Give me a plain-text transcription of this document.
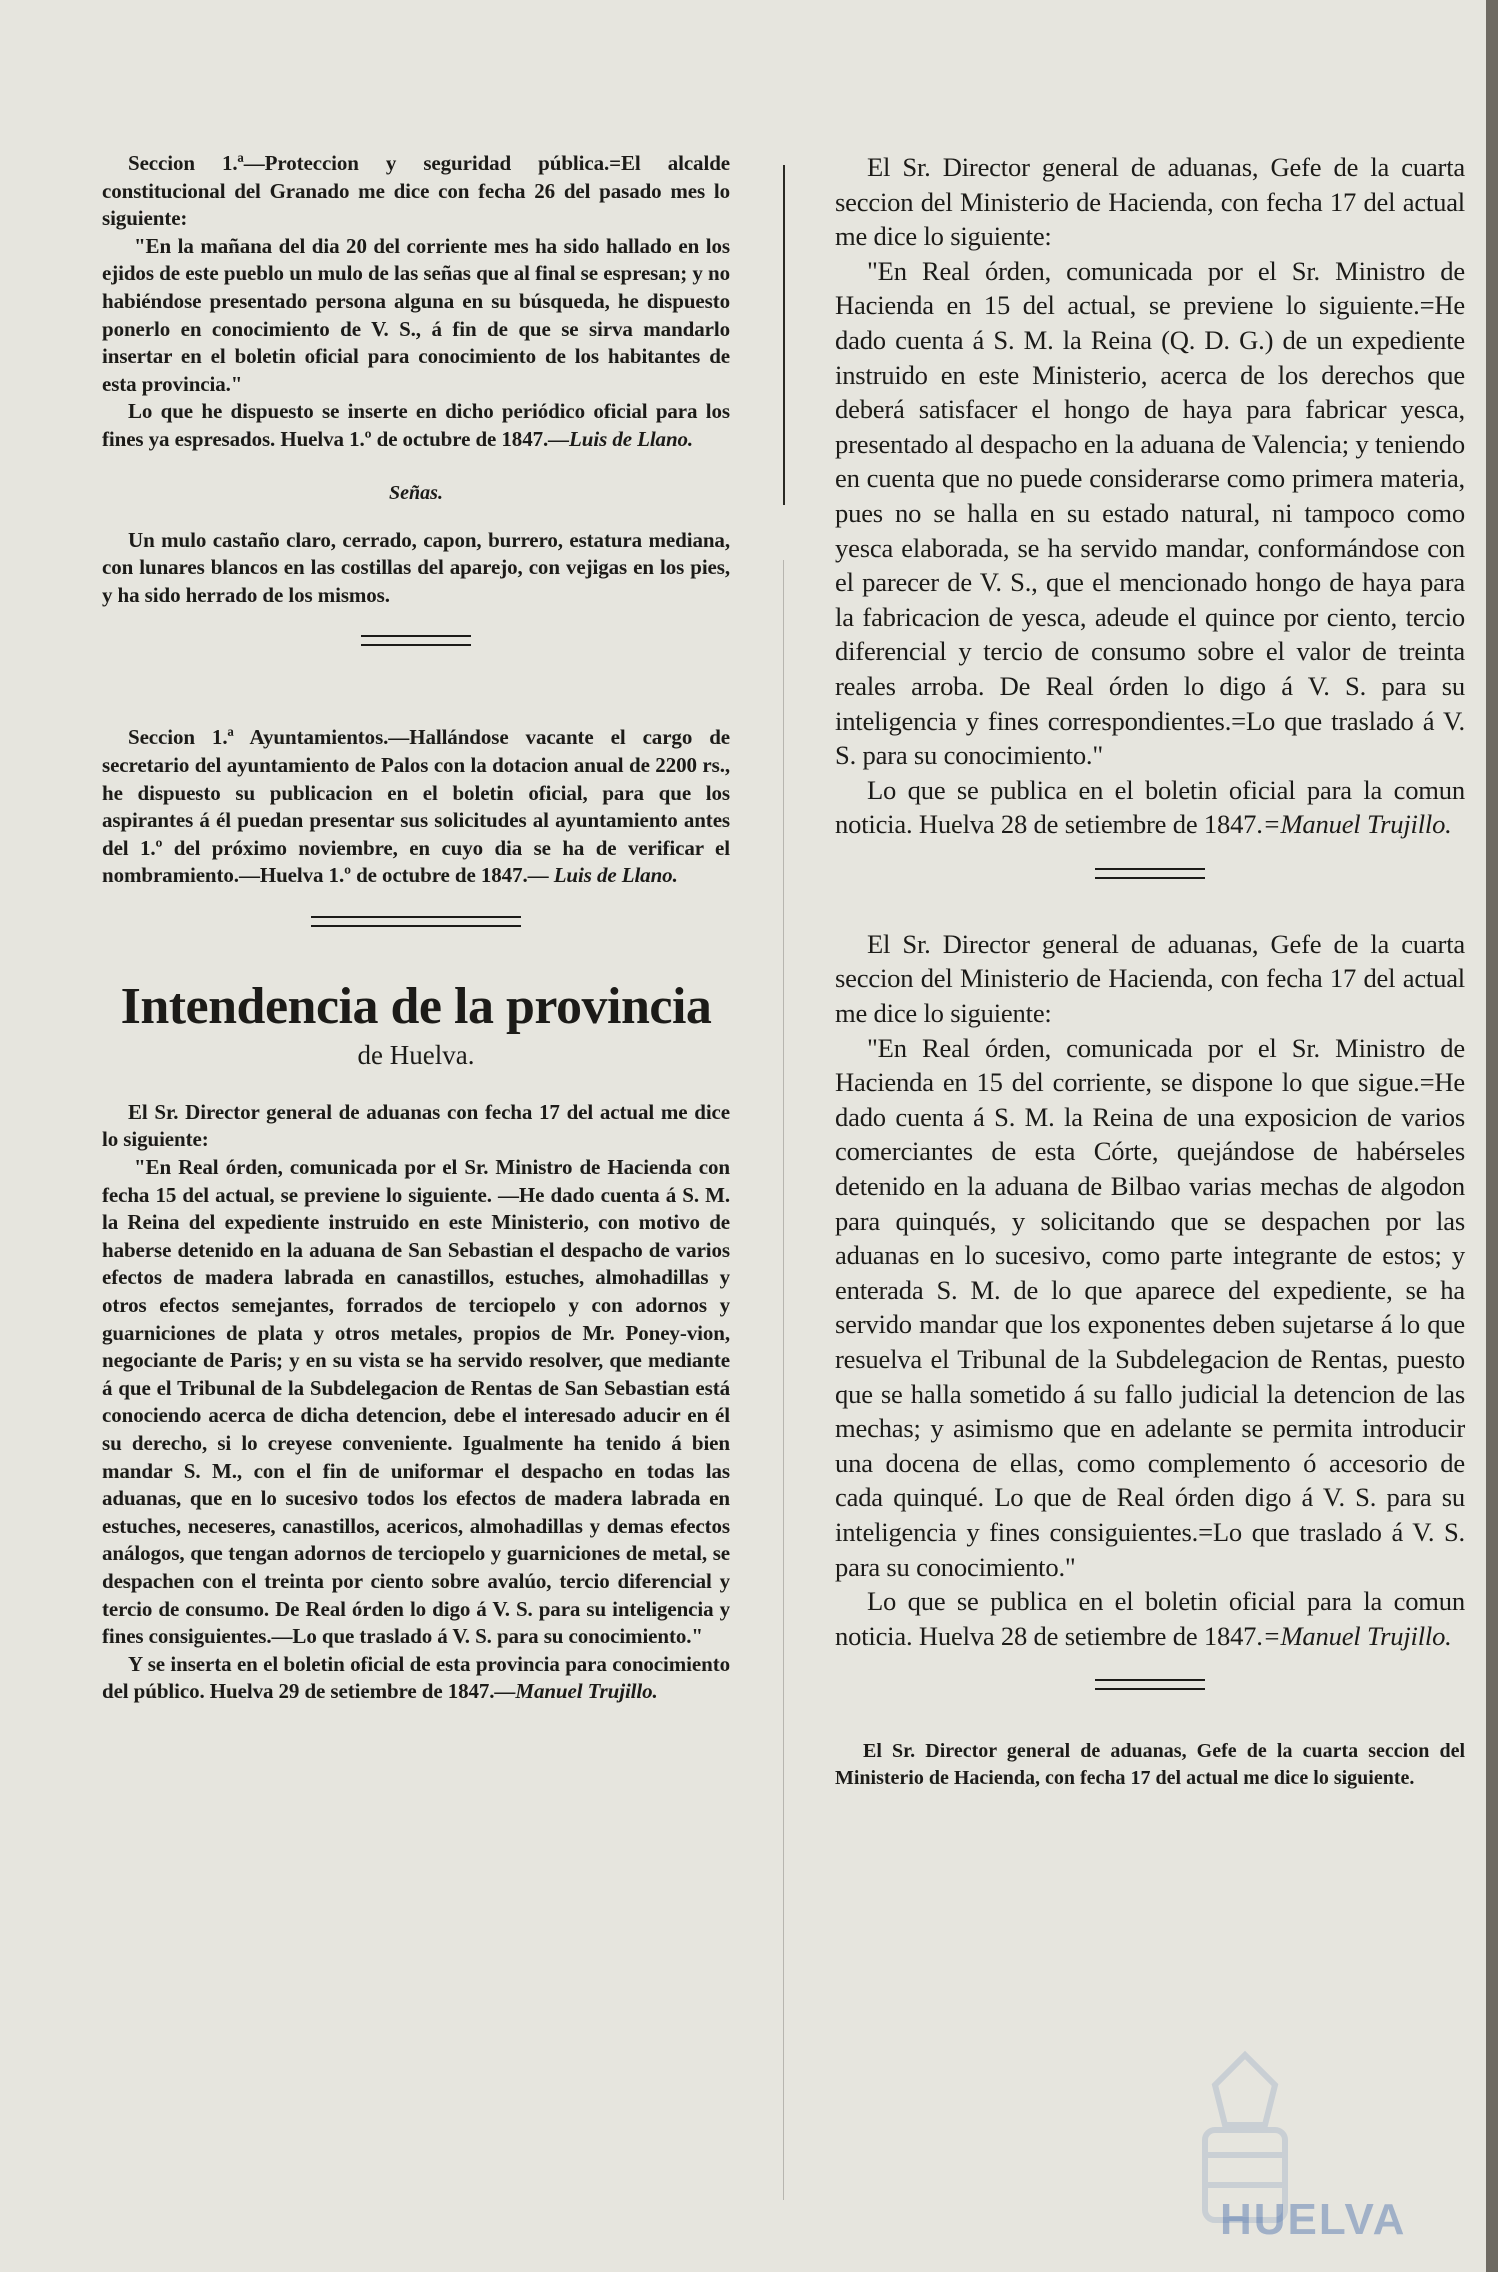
Seccion 1.ª—Proteccion y seguridad pública.=El alcalde constitucional del Granado me dice con fecha 26 del pasado mes lo siguiente:

"En la mañana del dia 20 del corriente mes ha sido hallado en los ejidos de este pueblo un mulo de las señas que al final se espresan; y no habiéndose presentado persona alguna en su búsqueda, he dispuesto ponerlo en conocimiento de V. S., á fin de que se sirva mandarlo insertar en el boletin oficial para conocimiento de los habitantes de esta provincia."

Lo que he dispuesto se inserte en dicho periódico oficial para los fines ya espresados. Huelva 1.º de octubre de 1847.—Luis de Llano.

Señas.

Un mulo castaño claro, cerrado, capon, burrero, estatura mediana, con lunares blancos en las costillas del aparejo, con vejigas en los pies, y ha sido herrado de los mismos.

Seccion 1.ª Ayuntamientos.—Hallándose vacante el cargo de secretario del ayuntamiento de Palos con la dotacion anual de 2200 rs., he dispuesto su publicacion en el boletin oficial, para que los aspirantes á él puedan presentar sus solicitudes al ayuntamiento antes del 1.º del próximo noviembre, en cuyo dia se ha de verificar el nombramiento.—Huelva 1.º de octubre de 1847.— Luis de Llano.

Intendencia de la provincia
de Huelva.

El Sr. Director general de aduanas con fecha 17 del actual me dice lo siguiente:

"En Real órden, comunicada por el Sr. Ministro de Hacienda con fecha 15 del actual, se previene lo siguiente. —He dado cuenta á S. M. la Reina del expediente instruido en este Ministerio, con motivo de haberse detenido en la aduana de San Sebastian el despacho de varios efectos de madera labrada en canastillos, estuches, almohadillas y otros efectos semejantes, forrados de terciopelo y con adornos y guarniciones de plata y otros metales, propios de Mr. Poney-vion, negociante de Paris; y en su vista se ha servido resolver, que mediante á que el Tribunal de la Subdelegacion de Rentas de San Sebastian está conociendo acerca de dicha detencion, debe el interesado aducir en él su derecho, si lo creyese conveniente. Igualmente ha tenido á bien mandar S. M., con el fin de uniformar el despacho en todas las aduanas, que en lo sucesivo todos los efectos de madera labrada en estuches, neceseres, canastillos, acericos, almohadillas y demas efectos análogos, que tengan adornos de terciopelo y guarniciones de metal, se despachen con el treinta por ciento sobre avalúo, tercio diferencial y tercio de consumo. De Real órden lo digo á V. S. para su inteligencia y fines consiguientes.—Lo que traslado á V. S. para su conocimiento."

Y se inserta en el boletin oficial de esta provincia para conocimiento del público. Huelva 29 de setiembre de 1847.—Manuel Trujillo.

El Sr. Director general de aduanas, Gefe de la cuarta seccion del Ministerio de Hacienda, con fecha 17 del actual me dice lo siguiente:

"En Real órden, comunicada por el Sr. Ministro de Hacienda en 15 del actual, se previene lo siguiente.=He dado cuenta á S. M. la Reina (Q. D. G.) de un expediente instruido en este Ministerio, acerca de los derechos que deberá satisfacer el hongo de haya para fabricar yesca, presentado al despacho en la aduana de Valencia; y teniendo en cuenta que no puede considerarse como primera materia, pues no se halla en su estado natural, ni tampoco como yesca elaborada, se ha servido mandar, conformándose con el parecer de V. S., que el mencionado hongo de haya para la fabricacion de yesca, adeude el quince por ciento, tercio diferencial y tercio de consumo sobre el valor de treinta reales arroba. De Real órden lo digo á V. S. para su inteligencia y fines correspondientes.=Lo que traslado á V. S. para su conocimiento."

Lo que se publica en el boletin oficial para la comun noticia. Huelva 28 de setiembre de 1847.=Manuel Trujillo.

El Sr. Director general de aduanas, Gefe de la cuarta seccion del Ministerio de Hacienda, con fecha 17 del actual me dice lo siguiente:

"En Real órden, comunicada por el Sr. Ministro de Hacienda en 15 del corriente, se dispone lo que sigue.=He dado cuenta á S. M. la Reina de una exposicion de varios comerciantes de esta Córte, quejándose de habérseles detenido en la aduana de Bilbao varias mechas de algodon para quinqués, y solicitando que se despachen por las aduanas en lo sucesivo, como parte integrante de estos; y enterada S. M. de lo que aparece del expediente, se ha servido mandar que los exponentes deben sujetarse á lo que resuelva el Tribunal de la Subdelegacion de Rentas, puesto que se halla sometido á su fallo judicial la detencion de las mechas; y asimismo que en adelante se permita introducir una docena de ellas, como complemento ó accesorio de cada quinqué. Lo que de Real órden digo á V. S. para su inteligencia y fines consiguientes.=Lo que traslado á V. S. para su conocimiento."

Lo que se publica en el boletin oficial para la comun noticia. Huelva 28 de setiembre de 1847.=Manuel Trujillo.

El Sr. Director general de aduanas, Gefe de la cuarta seccion del Ministerio de Hacienda, con fecha 17 del actual me dice lo siguiente.

HUELVA
